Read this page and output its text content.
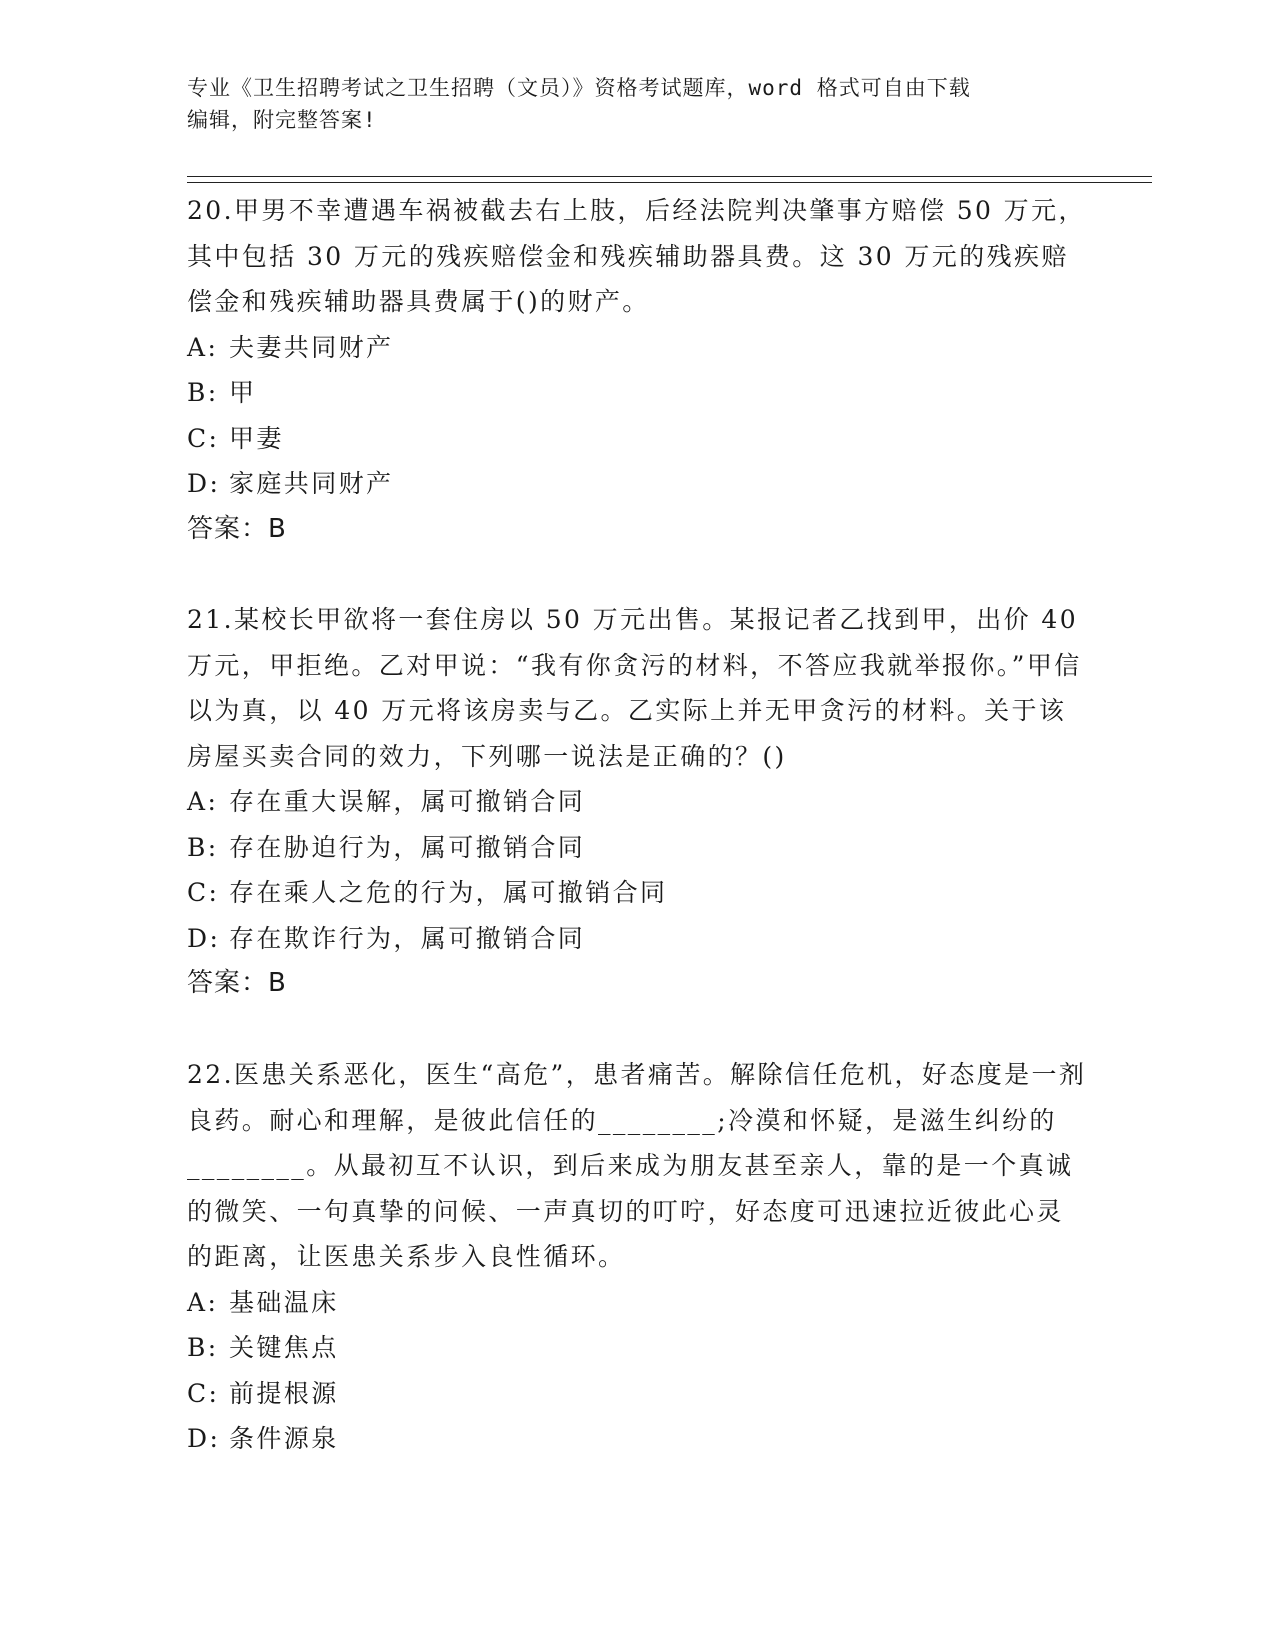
专业《卫生招聘考试之卫生招聘（文员）》资格考试题库，word 格式可自由下载
编辑，附完整答案!

20.甲男不幸遭遇车祸被截去右上肢，后经法院判决肇事方赔偿 50 万元，其中包括 30 万元的残疾赔偿金和残疾辅助器具费。这 30 万元的残疾赔偿金和残疾辅助器具费属于()的财产。

A: 夫妻共同财产

B: 甲

C: 甲妻

D: 家庭共同财产

答案：B

21.某校长甲欲将一套住房以 50 万元出售。某报记者乙找到甲，出价 40 万元，甲拒绝。乙对甲说：“我有你贪污的材料，不答应我就举报你。”甲信以为真，以 40 万元将该房卖与乙。乙实际上并无甲贪污的材料。关于该房屋买卖合同的效力，下列哪一说法是正确的？()

A: 存在重大误解，属可撤销合同

B: 存在胁迫行为，属可撤销合同

C: 存在乘人之危的行为，属可撤销合同

D: 存在欺诈行为，属可撤销合同

答案：B

22.医患关系恶化，医生“高危”，患者痛苦。解除信任危机，好态度是一剂良药。耐心和理解，是彼此信任的________;冷漠和怀疑，是滋生纠纷的________。从最初互不认识，到后来成为朋友甚至亲人，靠的是一个真诚的微笑、一句真挚的问候、一声真切的叮咛，好态度可迅速拉近彼此心灵的距离，让医患关系步入良性循环。

A: 基础温床

B: 关键焦点

C: 前提根源

D: 条件源泉
